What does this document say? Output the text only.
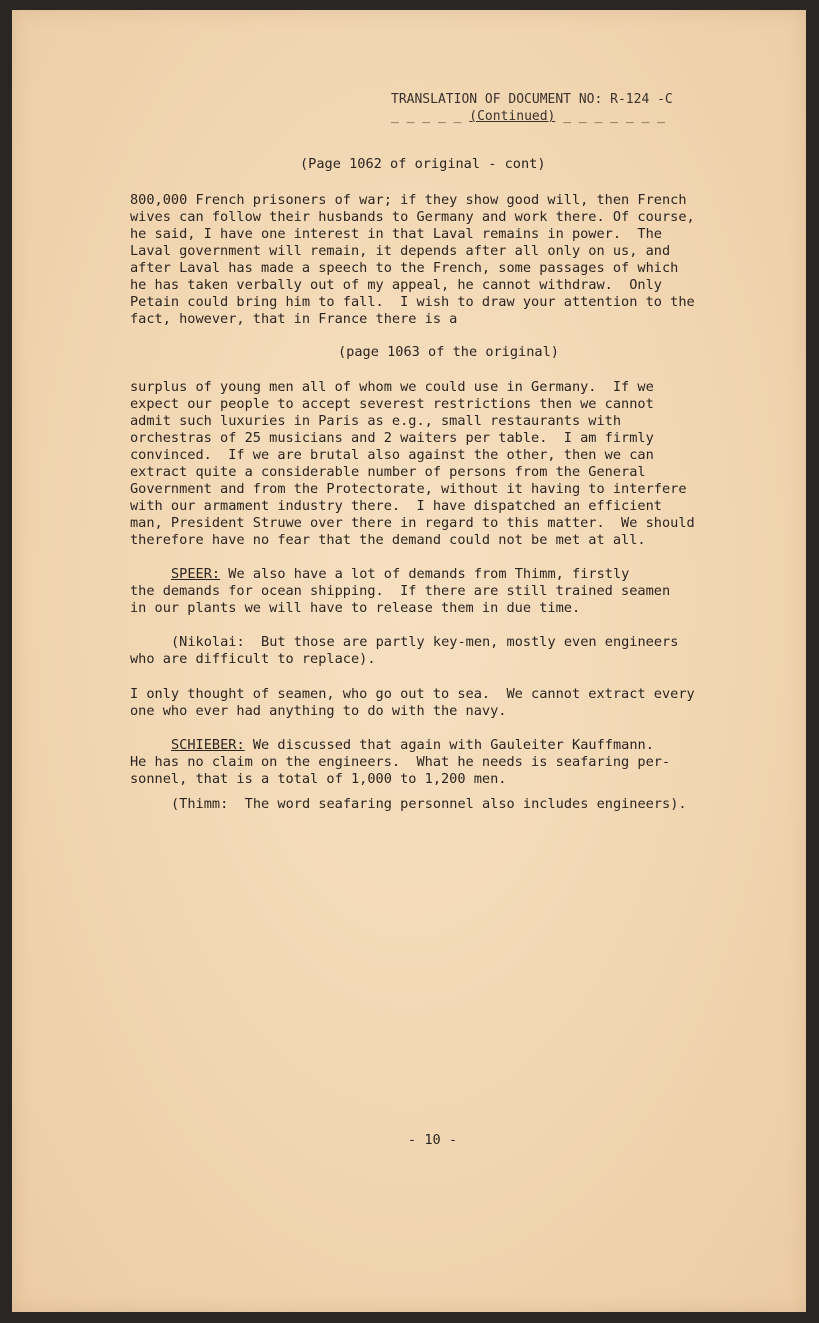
TRANSLATION OF DOCUMENT NO: R-124 -C
_ _ _ _ _ (Continued) _ _ _ _ _ _ _
(Page 1062 of original - cont)
800,000 French prisoners of war; if they show good will, then French
wives can follow their husbands to Germany and work there. Of course,
he said, I have one interest in that Laval remains in power.  The
Laval government will remain, it depends after all only on us, and
after Laval has made a speech to the French, some passages of which
he has taken verbally out of my appeal, he cannot withdraw.  Only
Petain could bring him to fall.  I wish to draw your attention to the
fact, however, that in France there is a
(page 1063 of the original)
surplus of young men all of whom we could use in Germany.  If we
expect our people to accept severest restrictions then we cannot
admit such luxuries in Paris as e.g., small restaurants with
orchestras of 25 musicians and 2 waiters per table.  I am firmly
convinced.  If we are brutal also against the other, then we can
extract quite a considerable number of persons from the General
Government and from the Protectorate, without it having to interfere
with our armament industry there.  I have dispatched an efficient
man, President Struwe over there in regard to this matter.  We should
therefore have no fear that the demand could not be met at all.
SPEER: We also have a lot of demands from Thimm, firstly
the demands for ocean shipping.  If there are still trained seamen
in our plants we will have to release them in due time.
(Nikolai:  But those are partly key-men, mostly even engineers
who are difficult to replace).
I only thought of seamen, who go out to sea.  We cannot extract every
one who ever had anything to do with the navy.
SCHIEBER: We discussed that again with Gauleiter Kauffmann.
He has no claim on the engineers.  What he needs is seafaring per-
sonnel, that is a total of 1,000 to 1,200 men.
(Thimm:  The word seafaring personnel also includes engineers).
- 10 -
